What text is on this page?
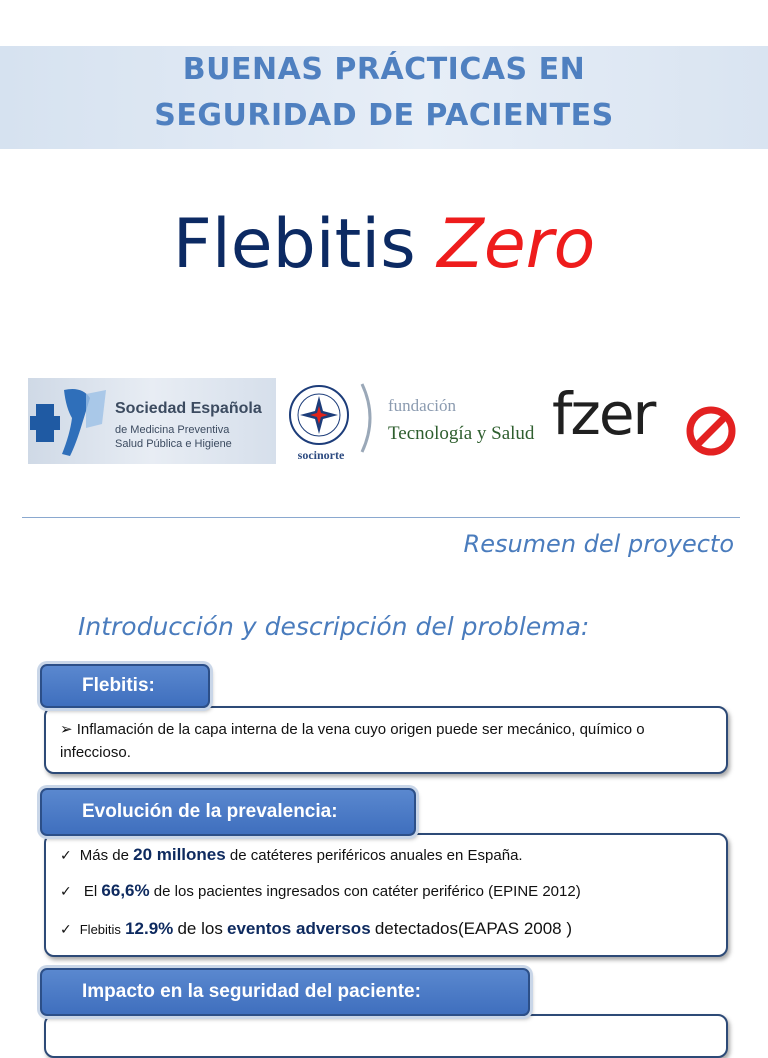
BUENAS PRÁCTICAS EN
SEGURIDAD DE PACIENTES
Flebitis Zero
Sociedad Española
de Medicina Preventiva
Salud Pública e Higiene
socinorte
fundación
Tecnología y Salud fzer
Resumen del proyecto
Introducción y descripción del problema:
➢ Inflamación de la capa interna de la vena cuyo origen puede ser mecánico, químico o infeccioso.
Flebitis:
✓ Más de 20 millones de catéteres periféricos anuales en España.
✓ El 66,6% de los pacientes ingresados con catéter periférico (EPINE 2012)
✓ Flebitis 12.9% de los eventos adversos detectados(EAPAS 2008 )
Evolución de la prevalencia:
Impacto en la seguridad del paciente:
